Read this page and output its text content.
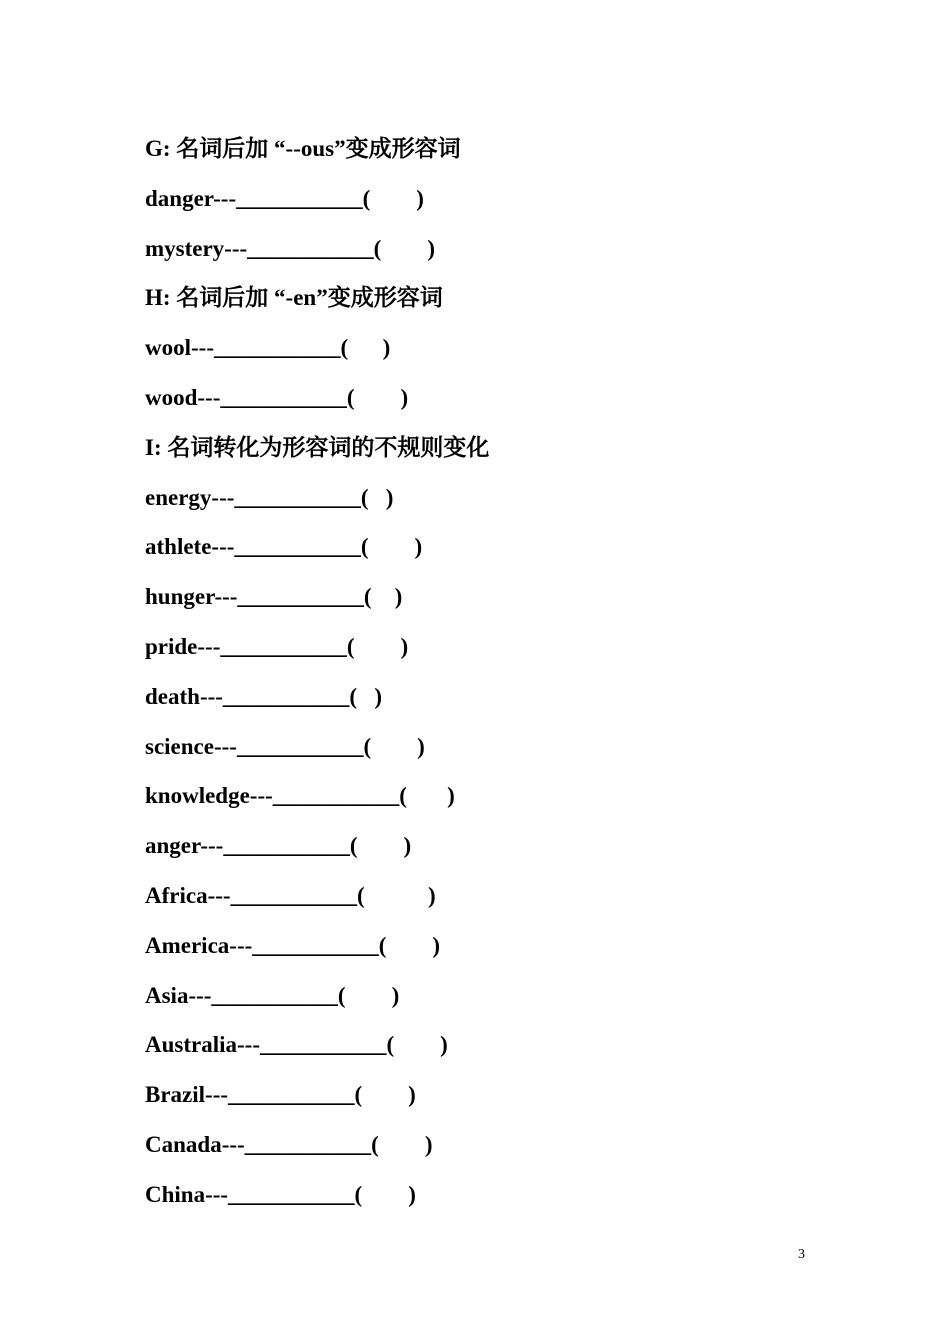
G: 名词后加 “--ous”变成形容词
danger---___________(        )
mystery---___________(        )
H: 名词后加 “-en”变成形容词
wool---___________(      )
wood---___________(        )
I: 名词转化为形容词的不规则变化
energy---___________(   )
athlete---___________(        )
hunger---___________(    )
pride---___________(        )
death---___________(   )
science---___________(        )
knowledge---___________(       )
anger---___________(        )
Africa---___________(           )
America---___________(        )
Asia---___________(        )
Australia---___________(        )
Brazil---___________(        )
Canada---___________(        )
China---___________(        )
3
